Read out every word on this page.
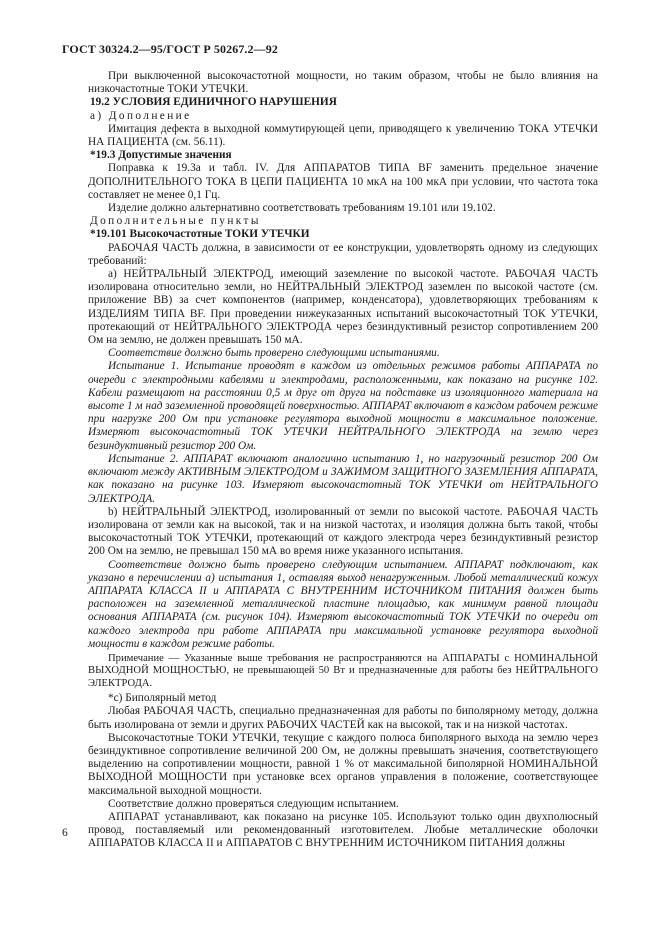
ГОСТ 30324.2—95/ГОСТ Р 50267.2—92

При выключенной высокочастотной мощности, но таким образом, чтобы не было влияния на низкочастотные ТОКИ УТЕЧКИ.

19.2 УСЛОВИЯ ЕДИНИЧНОГО НАРУШЕНИЯ

а) Дополнение

Имитация дефекта в выходной коммутирующей цепи, приводящего к увеличению ТОКА УТЕЧКИ НА ПАЦИЕНТА (см. 56.11).

*19.3 Допустимые значения

Поправка к 19.3а и табл. IV. Для АППАРАТОВ ТИПА BF заменить предельное значение ДОПОЛНИТЕЛЬНОГО ТОКА В ЦЕПИ ПАЦИЕНТА 10 мкА на 100 мкА при условии, что частота тока составляет не менее 0,1 Гц.

Изделие должно альтернативно соответствовать требованиям 19.101 или 19.102.

Дополнительные пункты

*19.101 Высокочастотные ТОКИ УТЕЧКИ

РАБОЧАЯ ЧАСТЬ должна, в зависимости от ее конструкции, удовлетворять одному из следующих требований:

а) НЕЙТРАЛЬНЫЙ ЭЛЕКТРОД, имеющий заземление по высокой частоте. РАБОЧАЯ ЧАСТЬ изолирована относительно земли, но НЕЙТРАЛЬНЫЙ ЭЛЕКТРОД заземлен по высокой частоте (см. приложение ВВ) за счет компонентов (например, конденсатора), удовлетворяющих требованиям к ИЗДЕЛИЯМ ТИПА BF. При проведении нижеуказанных испытаний высокочастотный ТОК УТЕЧКИ, протекающий от НЕЙТРАЛЬНОГО ЭЛЕКТРОДА через безиндуктивный резистор сопротивлением 200 Ом на землю, не должен превышать 150 мА.

Соответствие должно быть проверено следующими испытаниями.

Испытание 1. Испытание проводят в каждом из отдельных режимов работы АППАРАТА по очереди с электродными кабелями и электродами, расположенными, как показано на рисунке 102. Кабели размещают на расстоянии 0,5 м друг от друга на подставке из изоляционного материала на высоте 1 м над заземленной проводящей поверхностью. АППАРАТ включают в каждом рабочем режиме при нагрузке 200 Ом при установке регулятора выходной мощности в максимальное положение. Измеряют высокочастотный ТОК УТЕЧКИ НЕЙТРАЛЬНОГО ЭЛЕКТРОДА на землю через безиндуктивный резистор 200 Ом.

Испытание 2. АППАРАТ включают аналогично испытанию 1, но нагрузочный резистор 200 Ом включают между АКТИВНЫМ ЭЛЕКТРОДОМ и ЗАЖИМОМ ЗАЩИТНОГО ЗАЗЕМЛЕНИЯ АППАРАТА, как показано на рисунке 103. Измеряют высокочастотный ТОК УТЕЧКИ от НЕЙТРАЛЬНОГО ЭЛЕКТРОДА.

b) НЕЙТРАЛЬНЫЙ ЭЛЕКТРОД, изолированный от земли по высокой частоте. РАБОЧАЯ ЧАСТЬ изолирована от земли как на высокой, так и на низкой частотах, и изоляция должна быть такой, чтобы высокочастотный ТОК УТЕЧКИ, протекающий от каждого электрода через безиндуктивный резистор 200 Ом на землю, не превышал 150 мА во время ниже указанного испытания.

Соответствие должно быть проверено следующим испытанием. АППАРАТ подключают, как указано в перечислении а) испытания 1, оставляя выход ненагруженным. Любой металлический кожух АППАРАТА КЛАССА II и АППАРАТА С ВНУТРЕННИМ ИСТОЧНИКОМ ПИТАНИЯ должен быть расположен на заземленной металлической пластине площадью, как минимум равной площади основания АППАРАТА (см. рисунок 104). Измеряют высокочастотный ТОК УТЕЧКИ по очереди от каждого электрода при работе АППАРАТА при максимальной установке регулятора выходной мощности в каждом режиме работы.

Примечание — Указанные выше требования не распространяются на АППАРАТЫ с НОМИНАЛЬНОЙ ВЫХОДНОЙ МОЩНОСТЬЮ, не превышающей 50 Вт и предназначенные для работы без НЕЙТРАЛЬНОГО ЭЛЕКТРОДА.

*с) Биполярный метод

Любая РАБОЧАЯ ЧАСТЬ, специально предназначенная для работы по биполярному методу, должна быть изолирована от земли и других РАБОЧИХ ЧАСТЕЙ как на высокой, так и на низкой частотах.

Высокочастотные ТОКИ УТЕЧКИ, текущие с каждого полюса биполярного выхода на землю через безиндуктивное сопротивление величиной 200 Ом, не должны превышать значения, соответствующего выделению на сопротивлении мощности, равной 1 % от максимальной биполярной НОМИНАЛЬНОЙ ВЫХОДНОЙ МОЩНОСТИ при установке всех органов управления в положение, соответствующее максимальной выходной мощности.

Соответствие должно проверяться следующим испытанием.

АППАРАТ устанавливают, как показано на рисунке 105. Используют только один двухполюсный провод, поставляемый или рекомендованный изготовителем. Любые металлические оболочки АППАРАТОВ КЛАССА II и АППАРАТОВ С ВНУТРЕННИМ ИСТОЧНИКОМ ПИТАНИЯ должны

6
